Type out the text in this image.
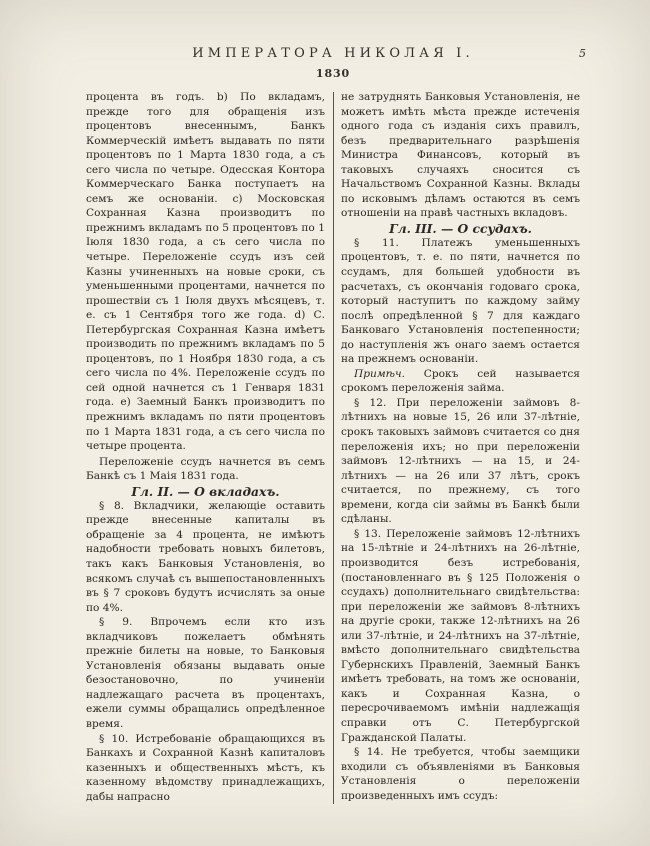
ИМПЕРАТОРА НИКОЛАЯ I.	5
1830

процента въ годъ. b) По вкладамъ, прежде того для обращенія изъ процентовъ внесеннымъ, Банкъ Коммерческій имѣетъ выдавать по пяти процентовъ по 1 Марта 1830 года, а съ сего числа по четыре. Одесская Контора Коммерческаго Банка поступаетъ на семъ же основаніи. c) Московская Сохранная Казна производитъ по прежнимъ вкладамъ по 5 процентовъ по 1 Іюля 1830 года, а съ сего числа по четыре. Переложеніе ссудъ изъ сей Казны учиненныхъ на новые сроки, съ уменьшенными процентами, начнется по прошествіи съ 1 Іюля двухъ мѣсяцевъ, т. е. съ 1 Сентября того же года. d) С. Петербургская Сохранная Казна имѣетъ производить по прежнимъ вкладамъ по 5 процентовъ, по 1 Ноября 1830 года, а съ сего числа по 4%. Переложеніе ссудъ по сей одной начнется съ 1 Генваря 1831 года. e) Заемный Банкъ производитъ по прежнимъ вкладамъ по пяти процентовъ по 1 Марта 1831 года, а съ сего числа по четыре процента.

Переложеніе ссудъ начнется въ семъ Банкѣ съ 1 Маія 1831 года.

Гл. II. — О вкладахъ.

§ 8. Вкладчики, желающіе оставить прежде внесенные капиталы въ обращеніе за 4 процента, не имѣютъ надобности требовать новыхъ билетовъ, такъ какъ Банковыя Установленія, во всякомъ случаѣ съ вышепостановленныхъ въ § 7 сроковъ будутъ исчислять за оные по 4%.

§ 9. Впрочемъ если кто изъ вкладчиковъ пожелаетъ обмѣнять прежніе билеты на новые, то Банковыя Установленія обязаны выдавать оные безостановочно, по учиненіи надлежащаго расчета въ процентахъ, ежели суммы обращались опредѣленное время.

§ 10. Истребованіе обращающихся въ Банкахъ и Сохранной Казнѣ капиталовъ казенныхъ и общественныхъ мѣстъ, къ казенному вѣдомству принадлежащихъ, дабы напрасно

не затруднять Банковыя Установленія, не можетъ имѣть мѣста прежде истеченія одного года съ изданія сихъ правилъ, безъ предварительнаго разрѣшенія Министра Финансовъ, который въ таковыхъ случаяхъ сносится съ Начальствомъ Сохранной Казны. Вклады по исковымъ дѣламъ остаются въ семъ отношеніи на правѣ частныхъ вкладовъ.

Гл. III. — О ссудахъ.

§ 11. Платежъ уменьшенныхъ процентовъ, т. е. по пяти, начнется по ссудамъ, для большей удобности въ расчетахъ, съ окончанія годоваго срока, который наступитъ по каждому займу послѣ опредѣленной § 7 для каждаго Банковаго Установленія постепенности; до наступленія жъ онаго заемъ остается на прежнемъ основаніи.

Примѣч. Срокъ сей называется срокомъ переложенія займа.

§ 12. При переложеніи займовъ 8-лѣтнихъ на новые 15, 26 или 37-лѣтніе, срокъ таковыхъ займовъ считается со дня переложенія ихъ; но при переложеніи займовъ 12-лѣтнихъ — на 15, и 24-лѣтнихъ — на 26 или 37 лѣтъ, срокъ считается, по прежнему, съ того времени, когда сіи займы въ Банкѣ были сдѣланы.

§ 13. Переложеніе займовъ 12-лѣтнихъ на 15-лѣтніе и 24-лѣтнихъ на 26-лѣтніе, производится безъ истребованія, (постановленнаго въ § 125 Положенія о ссудахъ) дополнительнаго свидѣтельства: при переложеніи же займовъ 8-лѣтнихъ на другіе сроки, также 12-лѣтнихъ на 26 или 37-лѣтніе, и 24-лѣтнихъ на 37-лѣтніе, вмѣсто дополнительнаго свидѣтельства Губернскихъ Правленій, Заемный Банкъ имѣетъ требовать, на томъ же основаніи, какъ и Сохранная Казна, о пересрочиваемомъ имѣніи надлежащія справки отъ С. Петербургской Гражданской Палаты.

§ 14. Не требуется, чтобы заемщики входили съ объявленіями въ Банковыя Установленія о переложеніи произведенныхъ имъ ссудъ:
